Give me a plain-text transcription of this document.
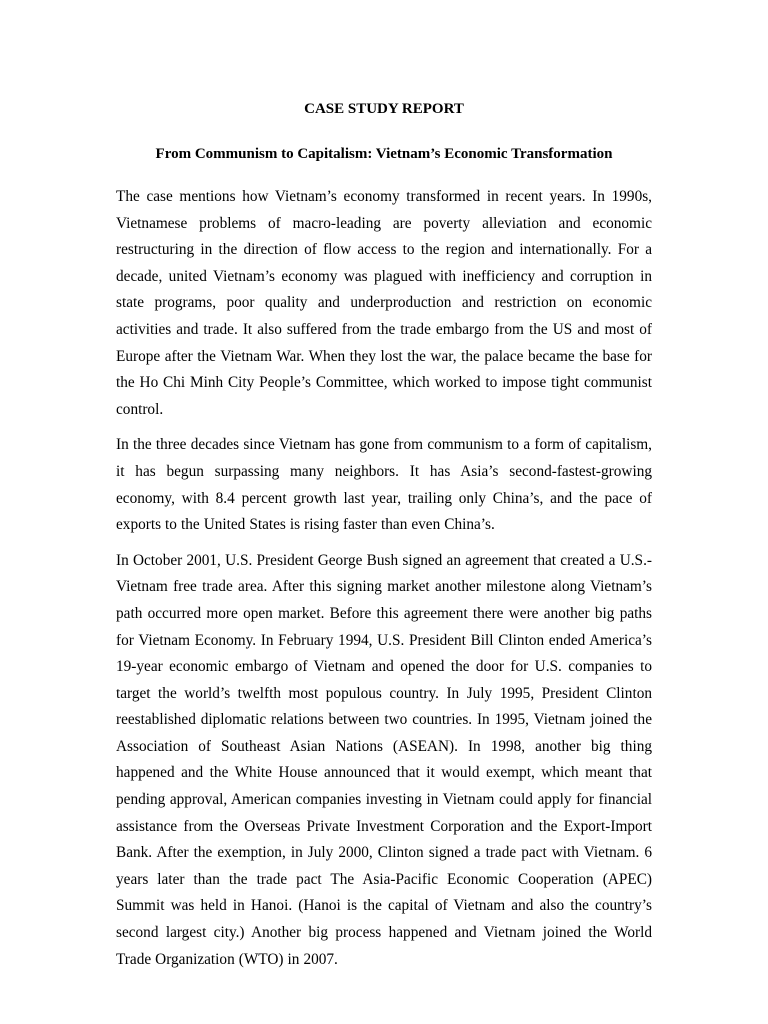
CASE STUDY REPORT
From Communism to Capitalism: Vietnam’s Economic Transformation

The case mentions how Vietnam’s economy transformed in recent years. In 1990s, Vietnamese problems of macro-leading are poverty alleviation and economic restructuring in the direction of flow access to the region and internationally. For a decade, united Vietnam’s economy was plagued with inefficiency and corruption in state programs, poor quality and underproduction and restriction on economic activities and trade. It also suffered from the trade embargo from the US and most of Europe after the Vietnam War. When they lost the war, the palace became the base for the Ho Chi Minh City People’s Committee, which worked to impose tight communist control.

In the three decades since Vietnam has gone from communism to a form of capitalism, it has begun surpassing many neighbors. It has Asia’s second-fastest-growing economy, with 8.4 percent growth last year, trailing only China’s, and the pace of exports to the United States is rising faster than even China’s.

In October 2001, U.S. President George Bush signed an agreement that created a U.S.-Vietnam free trade area. After this signing market another milestone along Vietnam’s path occurred more open market. Before this agreement there were another big paths for Vietnam Economy. In February 1994, U.S. President Bill Clinton ended America’s 19-year economic embargo of Vietnam and opened the door for U.S. companies to target the world’s twelfth most populous country. In July 1995, President Clinton reestablished diplomatic relations between two countries. In 1995, Vietnam joined the Association of Southeast Asian Nations (ASEAN). In 1998, another big thing happened and the White House announced that it would exempt, which meant that pending approval, American companies investing in Vietnam could apply for financial assistance from the Overseas Private Investment Corporation and the Export-Import Bank. After the exemption, in July 2000, Clinton signed a trade pact with Vietnam. 6 years later than the trade pact The Asia-Pacific Economic Cooperation (APEC) Summit was held in Hanoi. (Hanoi is the capital of Vietnam and also the country’s second largest city.) Another big process happened and Vietnam joined the World Trade Organization (WTO) in 2007.
